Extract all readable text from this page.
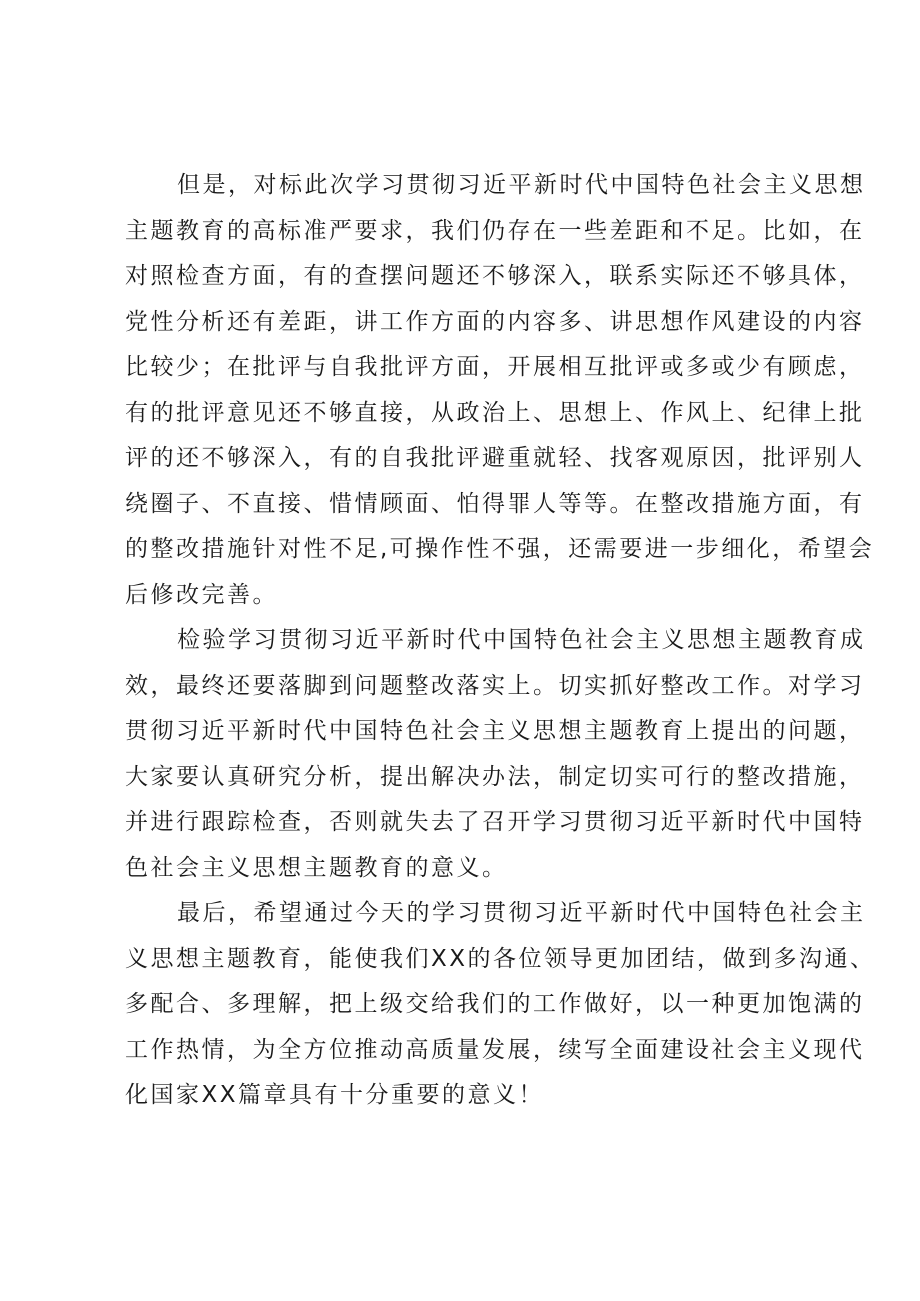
但是，对标此次学习贯彻习近平新时代中国特色社会主义思想
主题教育的高标准严要求，我们仍存在一些差距和不足。比如，在
对照检查方面，有的查摆问题还不够深入，联系实际还不够具体，
党性分析还有差距，讲工作方面的内容多、讲思想作风建设的内容
比较少；在批评与自我批评方面，开展相互批评或多或少有顾虑，
有的批评意见还不够直接，从政治上、思想上、作风上、纪律上批
评的还不够深入，有的自我批评避重就轻、找客观原因，批评别人
绕圈子、不直接、惜情顾面、怕得罪人等等。在整改措施方面，有
的整改措施针对性不足,可操作性不强，还需要进一步细化，希望会
后修改完善。
检验学习贯彻习近平新时代中国特色社会主义思想主题教育成
效，最终还要落脚到问题整改落实上。切实抓好整改工作。对学习
贯彻习近平新时代中国特色社会主义思想主题教育上提出的问题，
大家要认真研究分析，提出解决办法，制定切实可行的整改措施，
并进行跟踪检查，否则就失去了召开学习贯彻习近平新时代中国特
色社会主义思想主题教育的意义。
最后，希望通过今天的学习贯彻习近平新时代中国特色社会主
义思想主题教育，能使我们XX的各位领导更加团结，做到多沟通、
多配合、多理解，把上级交给我们的工作做好，以一种更加饱满的
工作热情，为全方位推动高质量发展，续写全面建设社会主义现代
化国家XX篇章具有十分重要的意义！
